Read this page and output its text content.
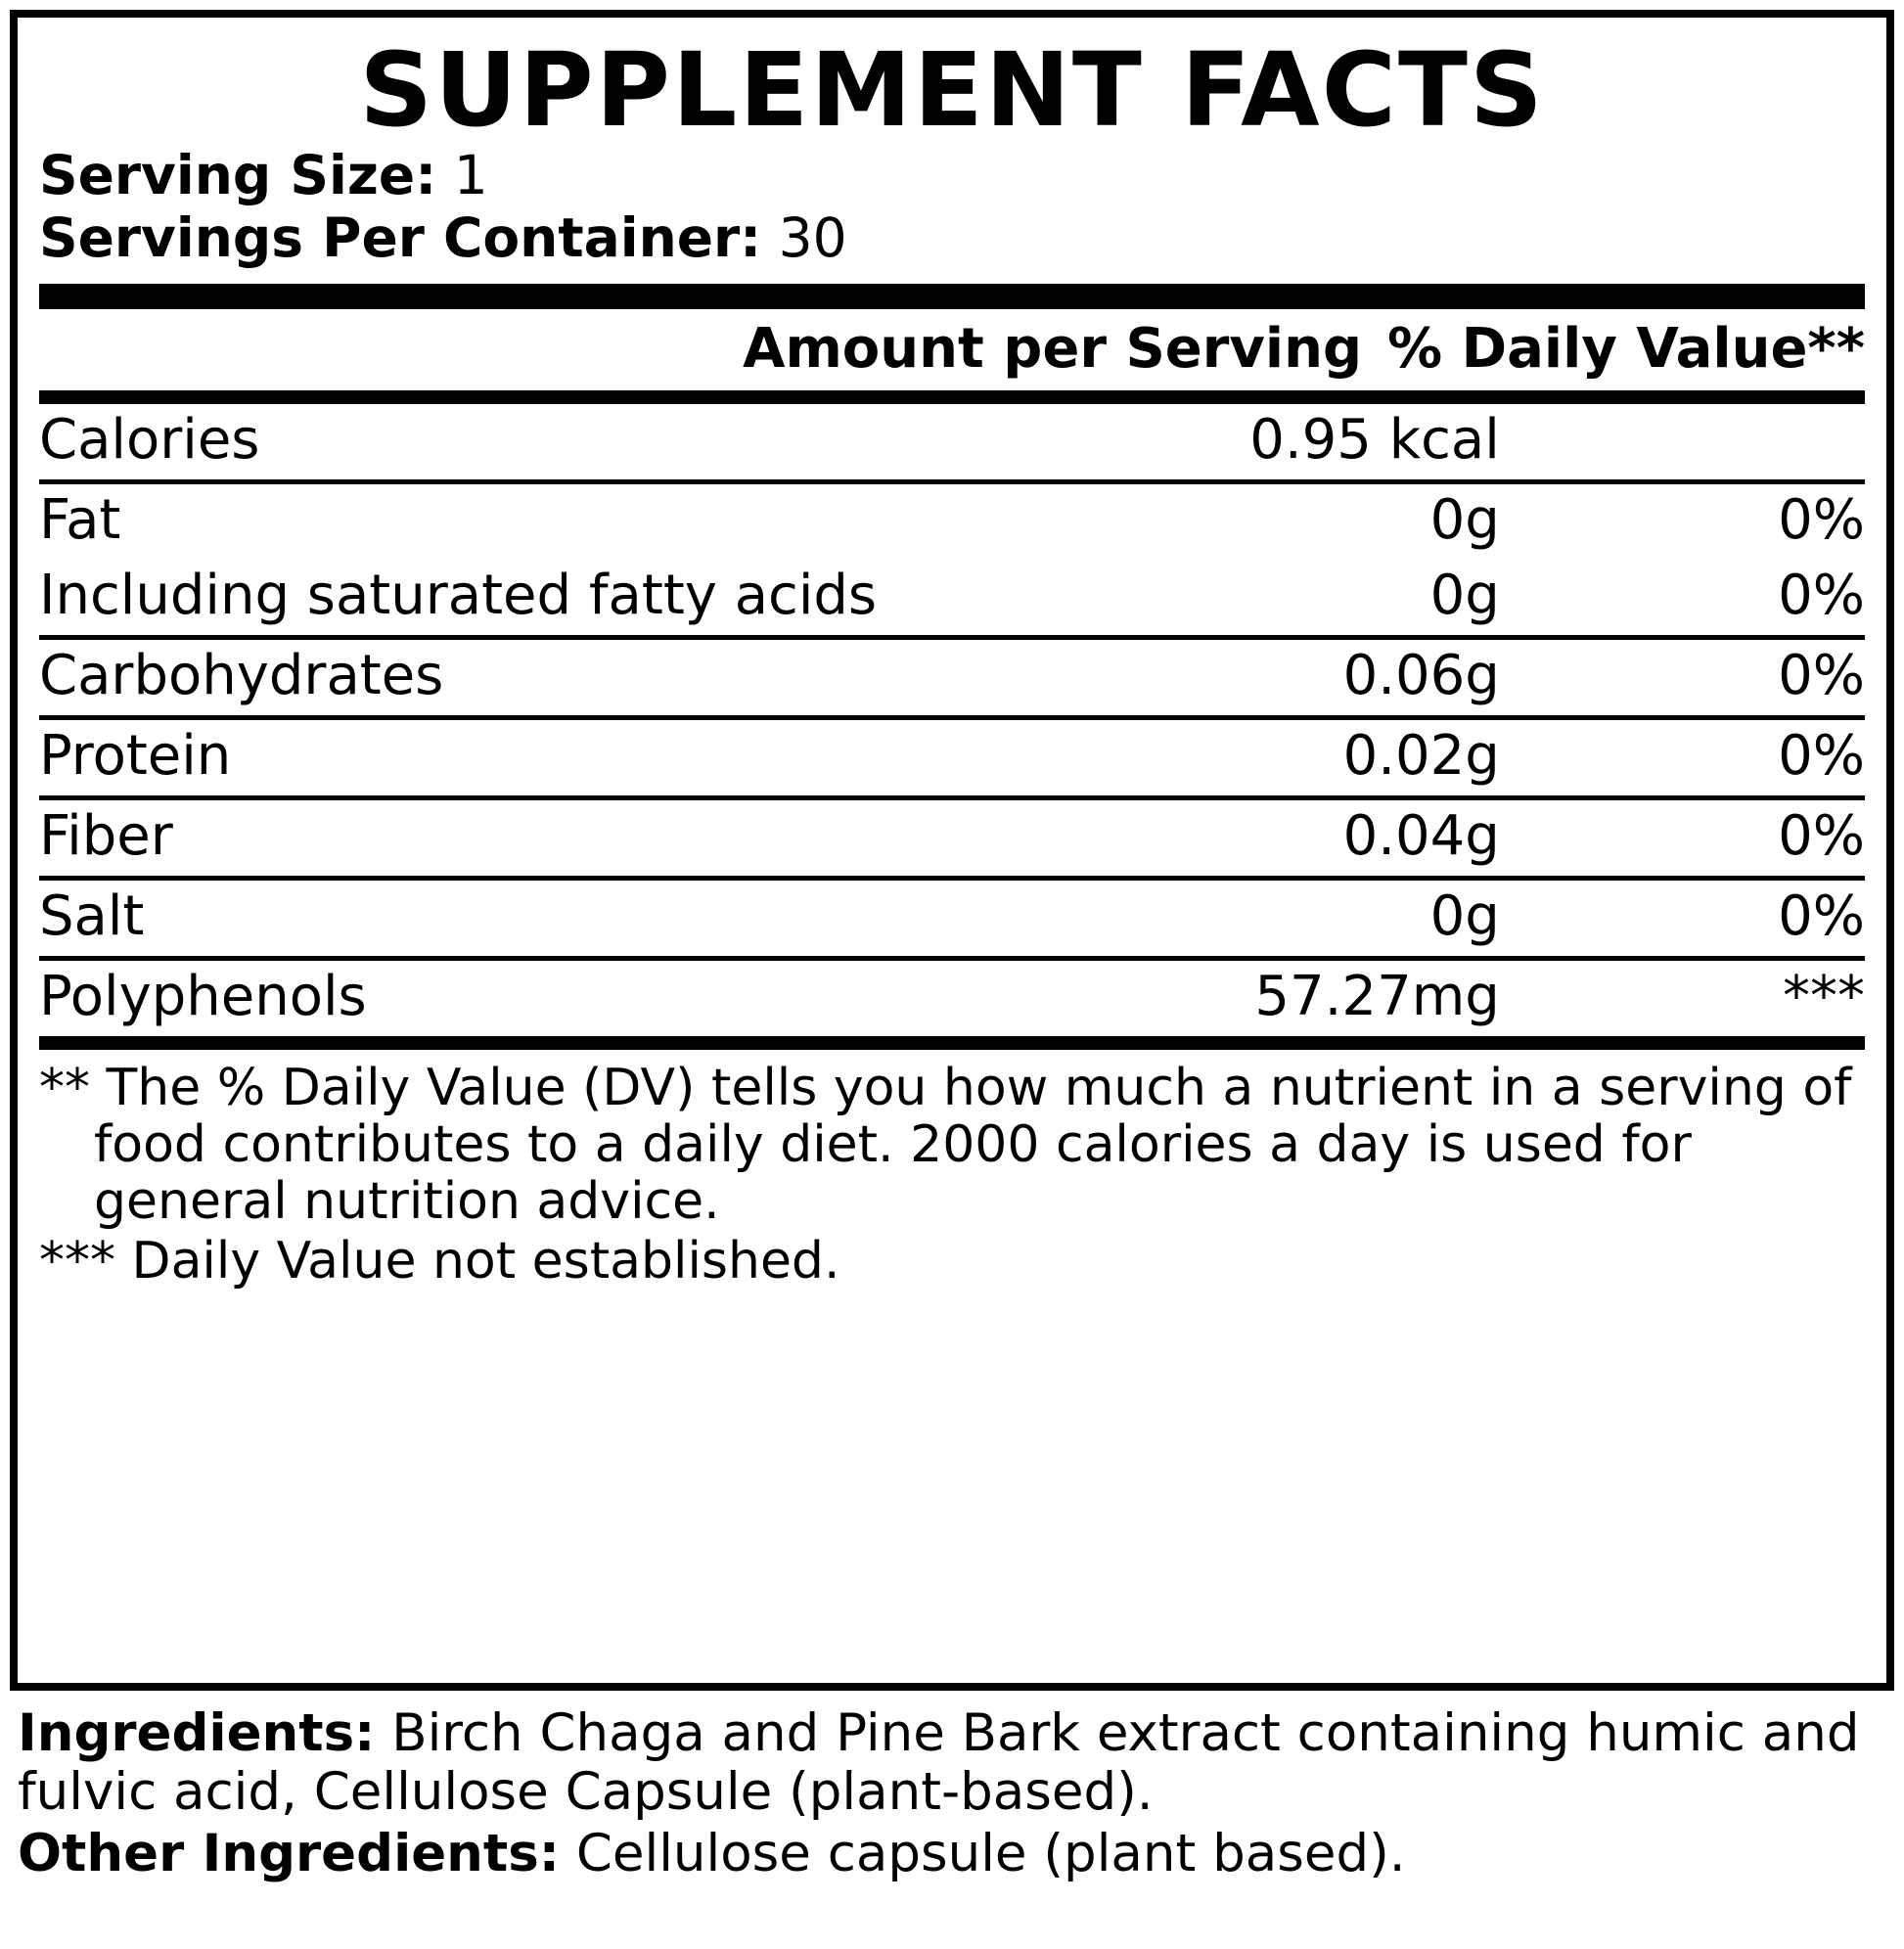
SUPPLEMENT FACTS
Serving Size: 1
Servings Per Container: 30
Amount per Serving % Daily Value**
Calories	0.95 kcal	
Fat	0g	0%
Including saturated fatty acids	0g	0%
Carbohydrates	0.06g	0%
Protein	0.02g	0%
Fiber	0.04g	0%
Salt	0g	0%
Polyphenols	57.27mg	***
** The % Daily Value (DV) tells you how much a nutrient in a serving of food contributes to a daily diet. 2000 calories a day is used for general nutrition advice.
*** Daily Value not established.
Ingredients: Birch Chaga and Pine Bark extract containing humic and fulvic acid, Cellulose Capsule (plant-based).
Other Ingredients: Cellulose capsule (plant based).
